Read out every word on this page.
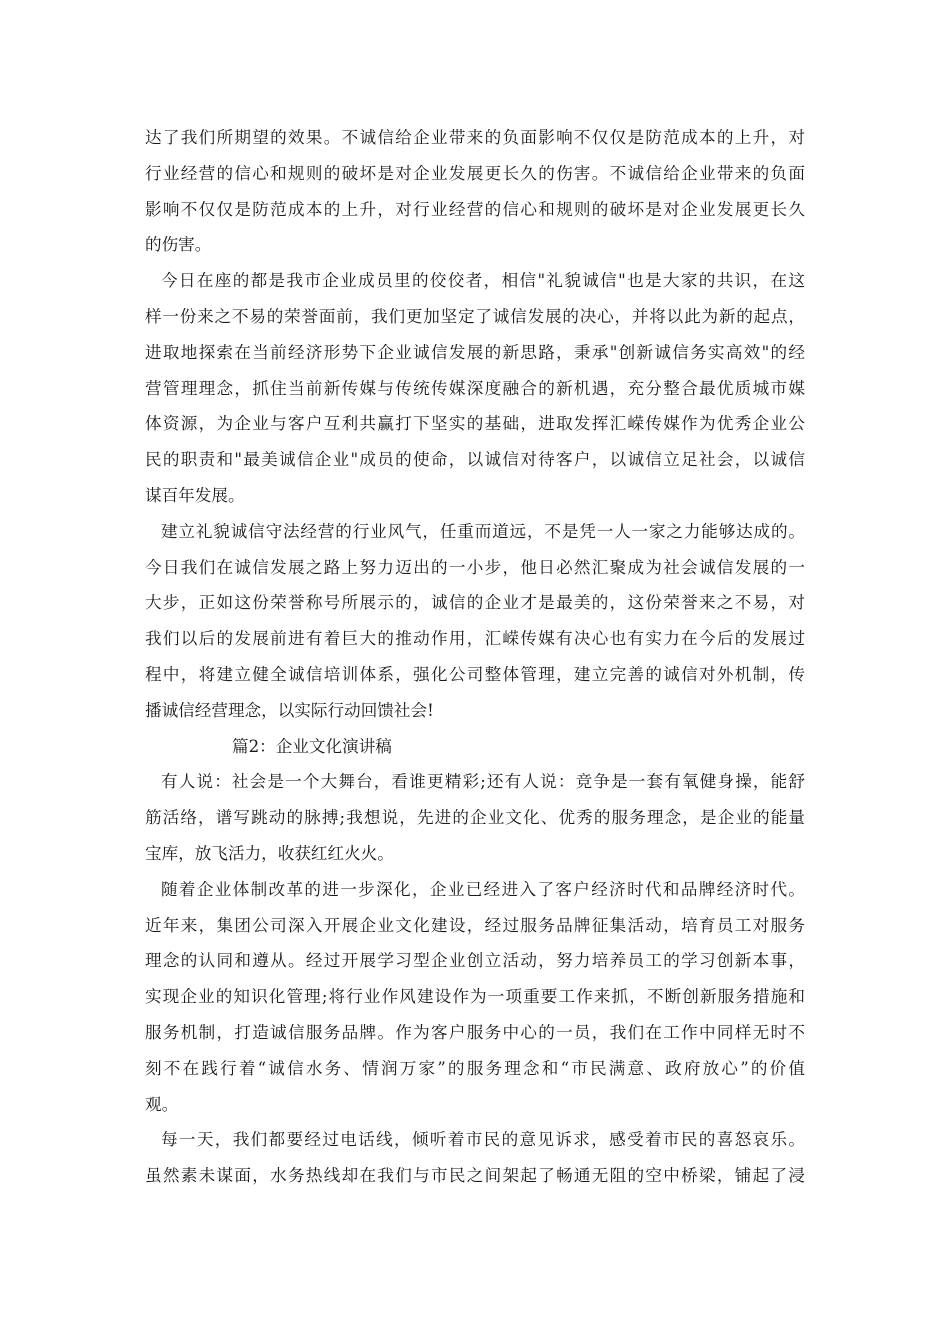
达了我们所期望的效果。不诚信给企业带来的负面影响不仅仅是防范成本的上升，对
行业经营的信心和规则的破坏是对企业发展更长久的伤害。不诚信给企业带来的负面
影响不仅仅是防范成本的上升，对行业经营的信心和规则的破坏是对企业发展更长久
的伤害。
今日在座的都是我市企业成员里的佼佼者，相信"礼貌诚信"也是大家的共识，在这
样一份来之不易的荣誉面前，我们更加坚定了诚信发展的决心，并将以此为新的起点，
进取地探索在当前经济形势下企业诚信发展的新思路，秉承"创新诚信务实高效"的经
营管理理念，抓住当前新传媒与传统传媒深度融合的新机遇，充分整合最优质城市媒
体资源，为企业与客户互利共赢打下坚实的基础，进取发挥汇嵘传媒作为优秀企业公
民的职责和"最美诚信企业"成员的使命，以诚信对待客户，以诚信立足社会，以诚信
谋百年发展。
建立礼貌诚信守法经营的行业风气，任重而道远，不是凭一人一家之力能够达成的。
今日我们在诚信发展之路上努力迈出的一小步，他日必然汇聚成为社会诚信发展的一
大步，正如这份荣誉称号所展示的，诚信的企业才是最美的，这份荣誉来之不易，对
我们以后的发展前进有着巨大的推动作用，汇嵘传媒有决心也有实力在今后的发展过
程中，将建立健全诚信培训体系，强化公司整体管理，建立完善的诚信对外机制，传
播诚信经营理念，以实际行动回馈社会!
篇2：企业文化演讲稿
有人说：社会是一个大舞台，看谁更精彩;还有人说：竞争是一套有氧健身操，能舒
筋活络，谱写跳动的脉搏;我想说，先进的企业文化、优秀的服务理念，是企业的能量
宝库，放飞活力，收获红红火火。
随着企业体制改革的进一步深化，企业已经进入了客户经济时代和品牌经济时代。
近年来，集团公司深入开展企业文化建设，经过服务品牌征集活动，培育员工对服务
理念的认同和遵从。经过开展学习型企业创立活动，努力培养员工的学习创新本事，
实现企业的知识化管理;将行业作风建设作为一项重要工作来抓，不断创新服务措施和
服务机制，打造诚信服务品牌。作为客户服务中心的一员，我们在工作中同样无时不
刻不在践行着“诚信水务、情润万家”的服务理念和“市民满意、政府放心”的价值
观。
每一天，我们都要经过电话线，倾听着市民的意见诉求，感受着市民的喜怒哀乐。
虽然素未谋面，水务热线却在我们与市民之间架起了畅通无阻的空中桥梁，铺起了浸
